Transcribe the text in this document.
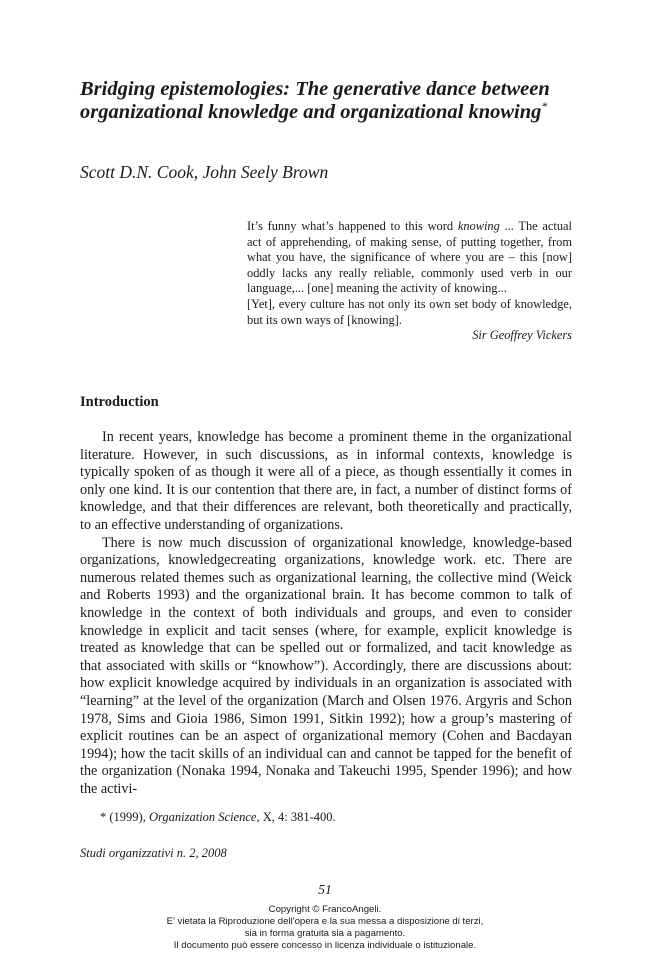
Bridging epistemologies: The generative dance between organizational knowledge and organizational knowing*
Scott D.N. Cook, John Seely Brown

It’s funny what’s happened to this word knowing ... The actual act of apprehending, of making sense, of putting together, from what you have, the significance of where you are – this [now] oddly lacks any really reliable, commonly used verb in our language,... [one] meaning the activity of knowing...

[Yet], every culture has not only its own set body of knowledge, but its own ways of [knowing].

Sir Geoffrey Vickers

Introduction

In recent years, knowledge has become a prominent theme in the organizational literature. However, in such discussions, as in informal contexts, knowledge is typically spoken of as though it were all of a piece, as though essentially it comes in only one kind. It is our contention that there are, in fact, a number of distinct forms of knowledge, and that their differences are relevant, both theoretically and practically, to an effective understanding of organizations.

There is now much discussion of organizational knowledge, knowledge-based organizations, knowledgecreating organizations, knowledge work. etc. There are numerous related themes such as organizational learning, the collective mind (Weick and Roberts 1993) and the organizational brain. It has become common to talk of knowledge in the context of both individuals and groups, and even to consider knowledge in explicit and tacit senses (where, for example, explicit knowledge is treated as knowledge that can be spelled out or formalized, and tacit knowledge as that associated with skills or “knowhow”). Accordingly, there are discussions about: how explicit knowledge acquired by individuals in an organization is associated with “learning” at the level of the organization (March and Olsen 1976. Argyris and Schon 1978, Sims and Gioia 1986, Simon 1991, Sitkin 1992); how a group’s mastering of explicit routines can be an aspect of organizational memory (Cohen and Bacdayan 1994); how the tacit skills of an individual can and cannot be tapped for the benefit of the organization (Nonaka 1994, Nonaka and Takeuchi 1995, Spender 1996); and how the activi-

* (1999), Organization Science, X, 4: 381-400.
Studi organizzativi n. 2, 2008
51
Copyright © FrancoAngeli.
E' vietata la Riproduzione dell'opera e la sua messa a disposizione di terzi,
sia in forma gratuita sia a pagamento.
Il documento può essere concesso in licenza individuale o istituzionale.
